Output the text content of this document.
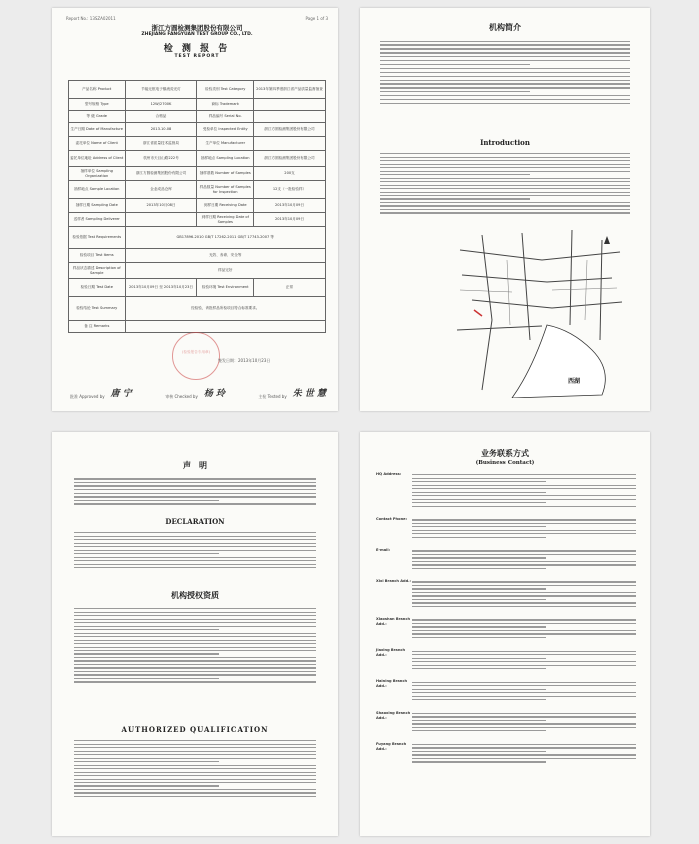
Report No.: 13SZA02011	Page 1 of 3
浙江方圆检测集团股份有限公司
ZHEJIANG FANGYUAN TEST GROUP CO., LTD.
检 测 报 告
TEST REPORT
产品名称 Product	节能无框电子镇流荧光灯	检验类别 Test Category	2013年第四季度浙江省产品质量监督抽查
型号规格 Type	12W/2700K	商标 Trademark	
等 级 Grade	合格品	样品编号 Serial No.	
生产日期 Date of Manufacture	2013.10.08	受检单位 Inspected Entity	浙江方圆检测集团股份有限公司
委托单位 Name of Client	浙江省质量技术监督局	生产单位 Manufacturer	
委托单位地址 Address of Client	杭州市天目山路222号	抽样地点 Sampling Location	浙江方圆检测集团股份有限公司
抽样单位 Sampling Organization	浙江方圆检测集团股份有限公司	抽样基数 Number of Samples	200支
抽样地点 Sample Location	企业成品仓库	样品数量 Number of Samples for Inspection	12支（一批检验样）
抽样日期 Sampling Date	2013年10月08日	到样日期 Receiving Date	2013年10月09日
送样者 Sampling Deliverer		到样日期 Receiving Date of Samples	2013年10月09日
检验依据 Test Requirements	GB17896-2010 GB/T 17262-2011 GB/T 17743-2007 等		
检验项目 Test Items	光效、寿命、安全等		
样品状态描述 Description of Sample	样品完好		
检验日期 Test Date	2013年10月09日 至 2013年10月23日	检验环境 Test Environment	正常
检验结论 Test Summary	经检验，该批样品所检项目符合标准要求。		
备 注 Remarks			
(检验报告专用章)
签发日期：2013年10月23日
批准 Approved by 唐 宁	审核 Checked by 杨 玲	主检 Tested by 朱 世 慧
机构简介
Introduction
西湖
声　明
DECLARATION
机构授权资质
AUTHORIZED QUALIFICATION
业务联系方式
(Business Contact)
HQ Address:
Contact Phone:
E-mail:
Xixi Branch Add.:
Xiaoshan Branch Add.:
Jiaxing Branch Add.:
Haining Branch Add.:
Shaoxing Branch Add.:
Fuyang Branch Add.:
